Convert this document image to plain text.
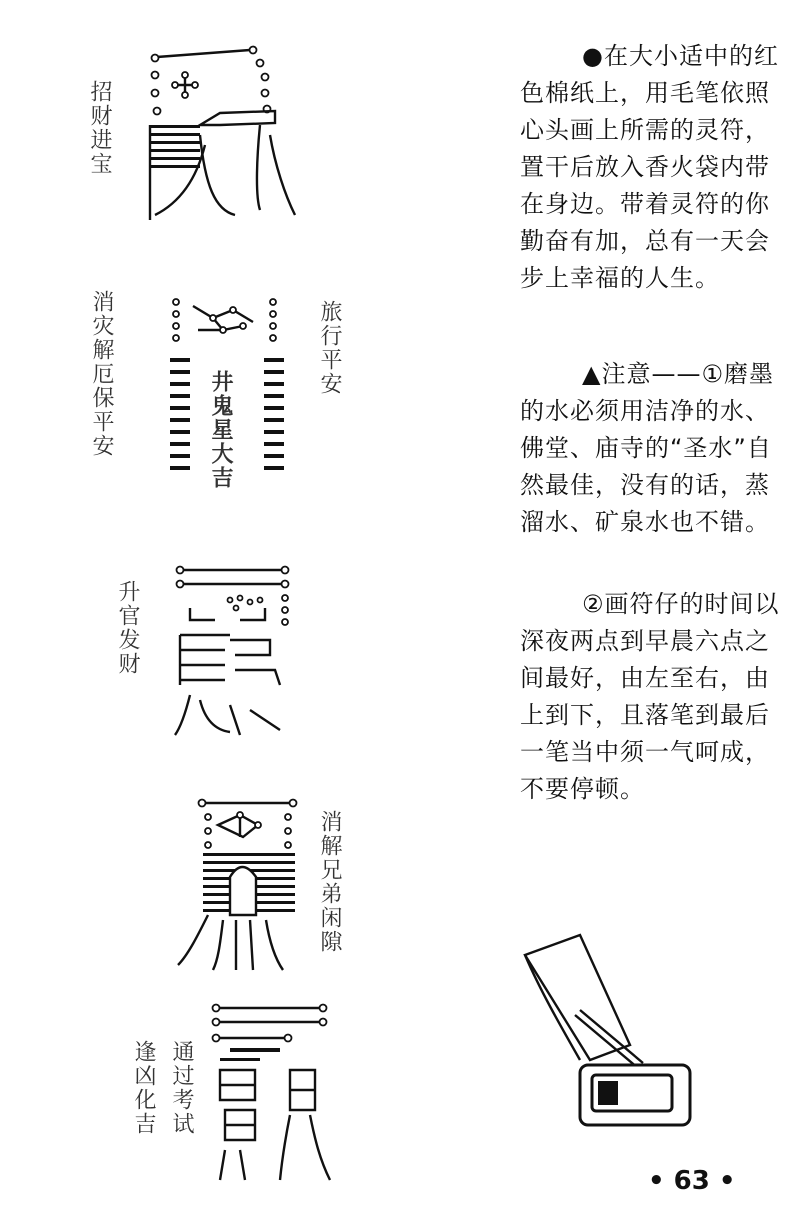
招财进宝
消灾解厄保平安	旅行平安
井鬼星大吉
升官发财
消解兄弟闲隙
通过考试
逢凶化吉

●在大小适中的红色棉纸上，用毛笔依照心头画上所需的灵符，置干后放入香火袋内带在身边。带着灵符的你勤奋有加，总有一天会步上幸福的人生。

▲注意——①磨墨的水必须用洁净的水、佛堂、庙寺的“圣水”自然最佳，没有的话，蒸溜水、矿泉水也不错。

②画符仔的时间以深夜两点到早晨六点之间最好，由左至右，由上到下，且落笔到最后一笔当中须一气呵成，不要停顿。

• 63 •
